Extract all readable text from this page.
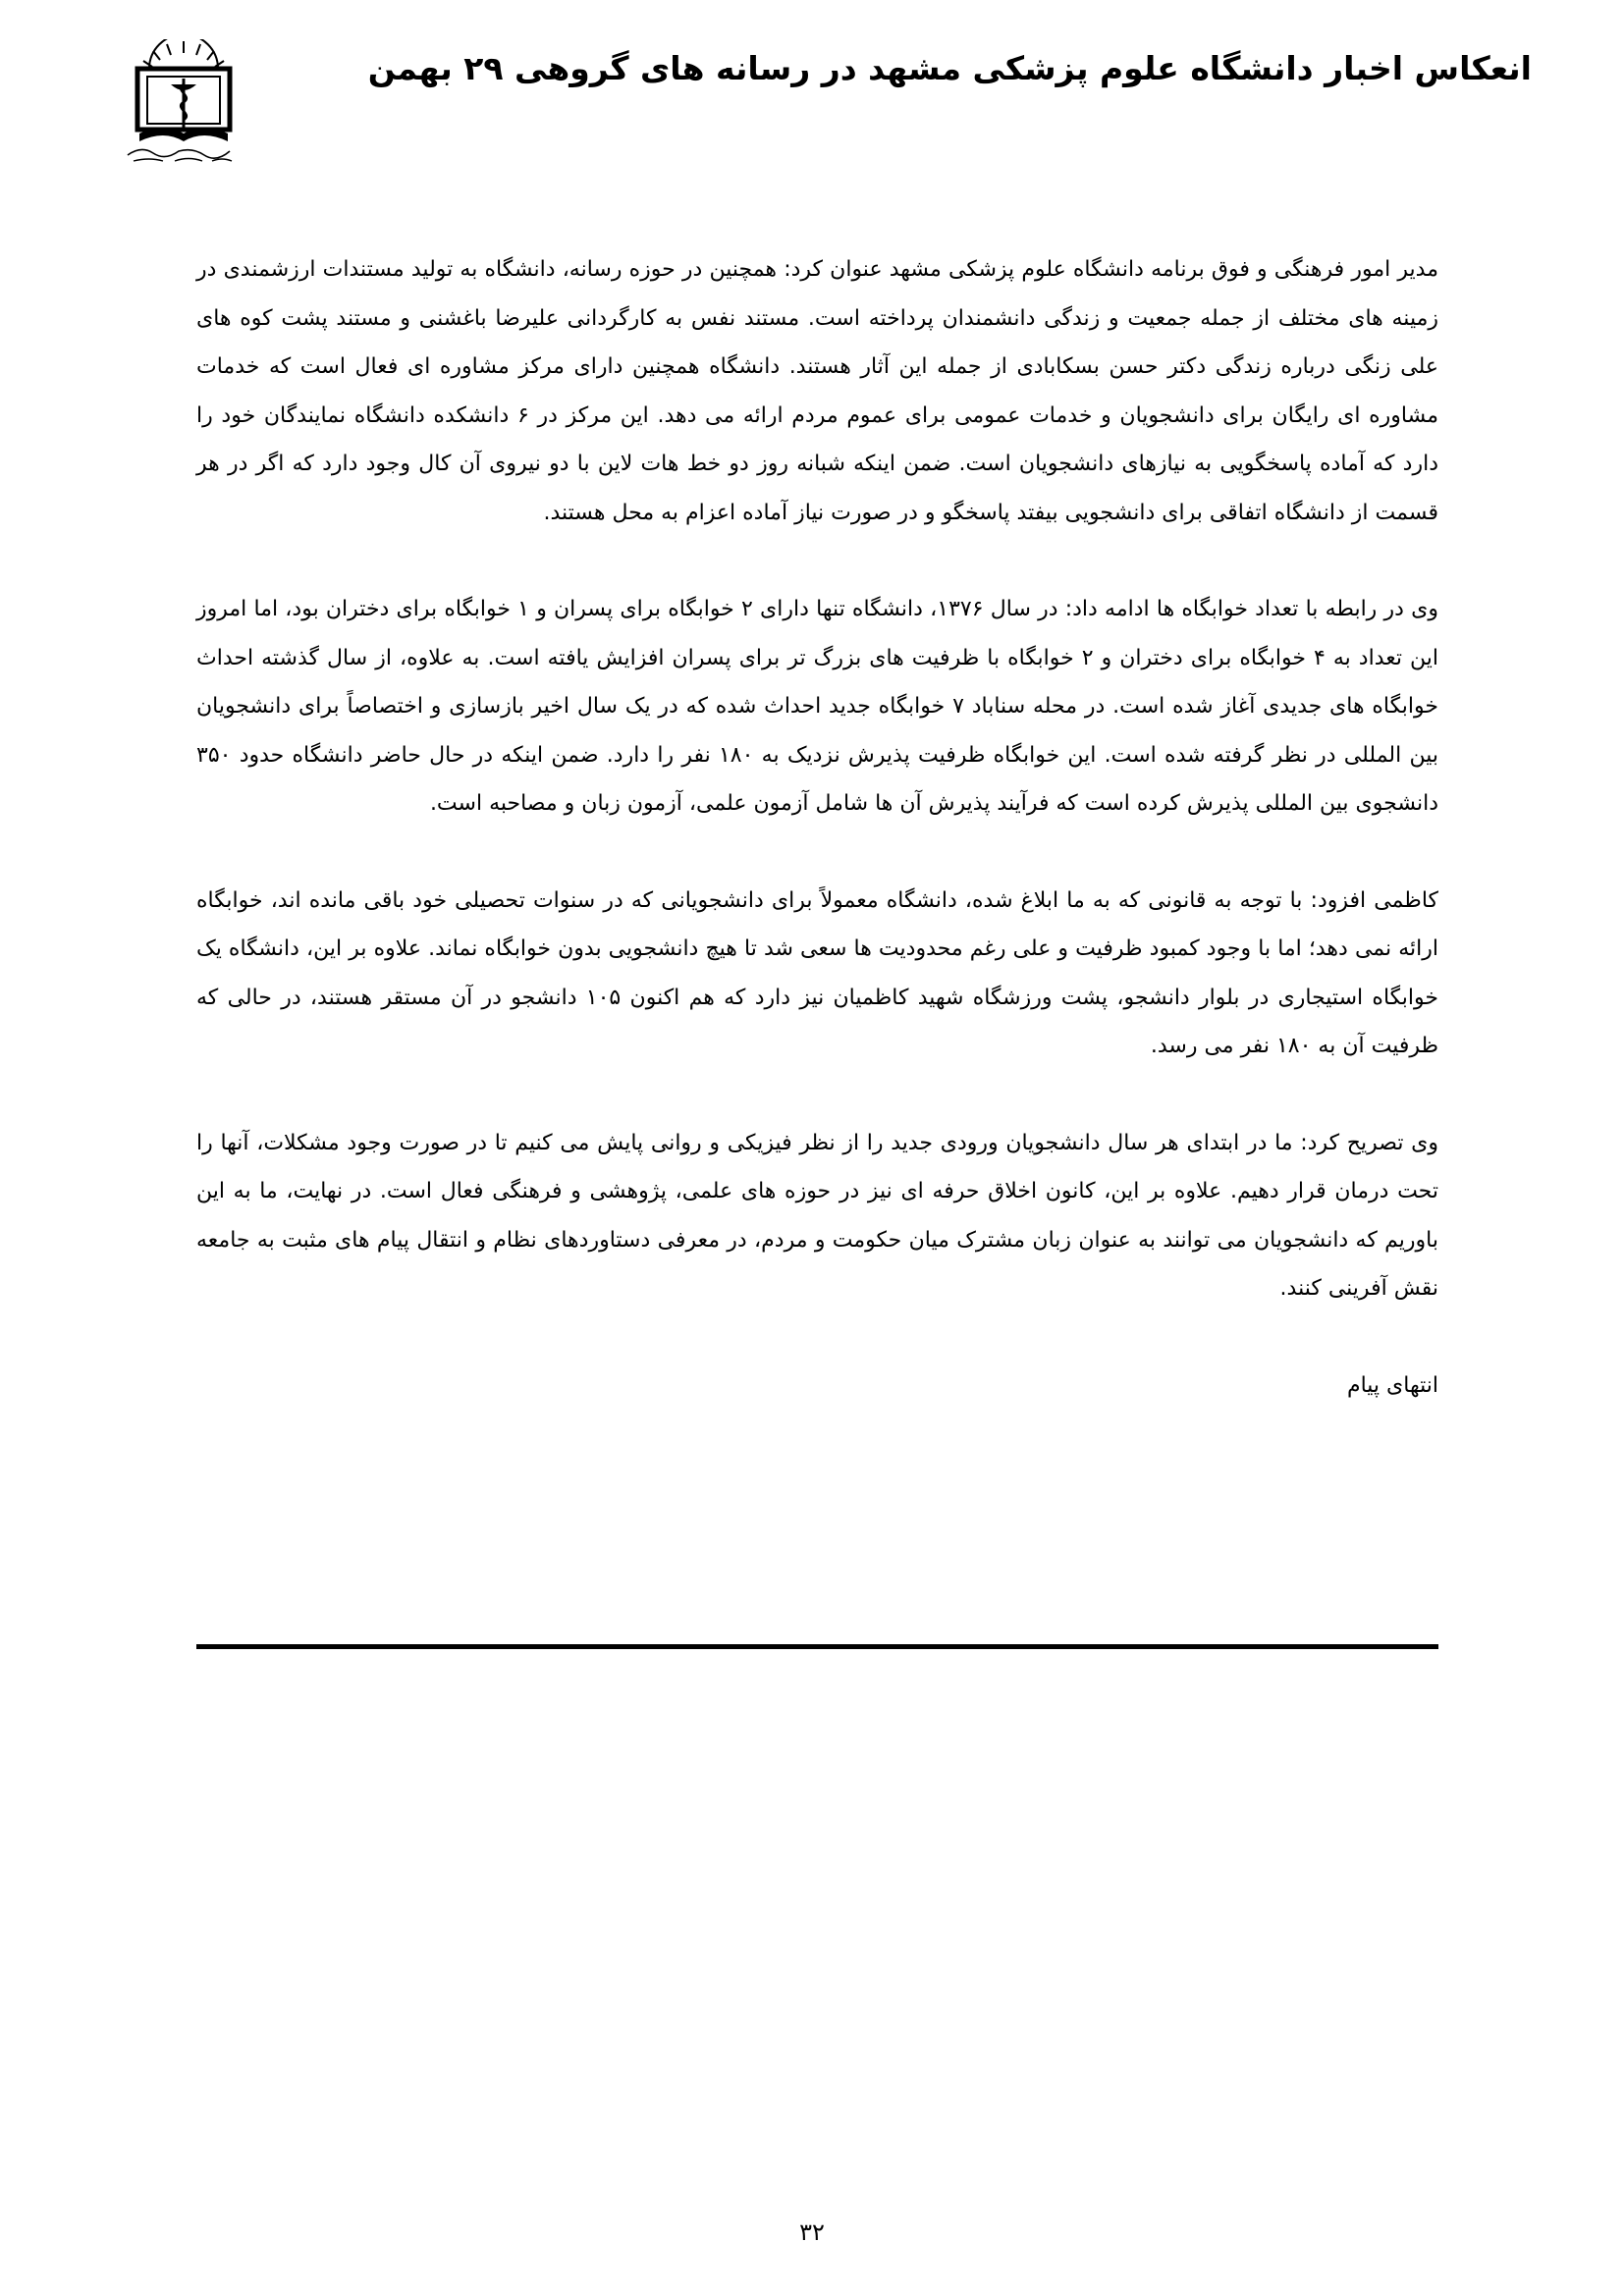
انعکاس اخبار دانشگاه علوم پزشکی مشهد در رسانه های گروهی ۲۹ بهمن

مدیر امور فرهنگی و فوق برنامه دانشگاه علوم پزشکی مشهد عنوان کرد: همچنین در حوزه رسانه، دانشگاه به تولید مستندات ارزشمندی در زمینه های مختلف از جمله جمعیت و زندگی دانشمندان پرداخته است. مستند نفس به کارگردانی علیرضا باغشنی و مستند پشت کوه های علی زنگی درباره زندگی دکتر حسن بسکابادی از جمله این آثار هستند. دانشگاه همچنین دارای مرکز مشاوره ای فعال است که خدمات مشاوره ای رایگان برای دانشجویان و خدمات عمومی برای عموم مردم ارائه می دهد. این مرکز در ۶ دانشکده دانشگاه نمایندگان خود را دارد که آماده پاسخگویی به نیازهای دانشجویان است. ضمن اینکه شبانه روز دو خط هات لاین با دو نیروی آن کال وجود دارد که اگر در هر قسمت از دانشگاه اتفاقی برای دانشجویی بیفتد پاسخگو و در صورت نیاز آماده اعزام به محل هستند.

وی در رابطه با تعداد خوابگاه ها ادامه داد: در سال ۱۳۷۶، دانشگاه تنها دارای ۲ خوابگاه برای پسران و ۱ خوابگاه برای دختران بود، اما امروز این تعداد به ۴ خوابگاه برای دختران و ۲ خوابگاه با ظرفیت های بزرگ تر برای پسران افزایش یافته است. به علاوه، از سال گذشته احداث خوابگاه های جدیدی آغاز شده است. در محله سناباد ۷ خوابگاه جدید احداث شده که در یک سال اخیر بازسازی و اختصاصاً برای دانشجویان بین المللی در نظر گرفته شده است. این خوابگاه ظرفیت پذیرش نزدیک به ۱۸۰ نفر را دارد. ضمن اینکه در حال حاضر دانشگاه حدود ۳۵۰ دانشجوی بین المللی پذیرش کرده است که فرآیند پذیرش آن ها شامل آزمون علمی، آزمون زبان و مصاحبه است.

کاظمی افزود: با توجه به قانونی که به ما ابلاغ شده، دانشگاه معمولاً برای دانشجویانی که در سنوات تحصیلی خود باقی مانده اند، خوابگاه ارائه نمی دهد؛ اما با وجود کمبود ظرفیت و علی رغم محدودیت ها سعی شد تا هیچ دانشجویی بدون خوابگاه نماند. علاوه بر این، دانشگاه یک خوابگاه استیجاری در بلوار دانشجو، پشت ورزشگاه شهید کاظمیان نیز دارد که هم اکنون ۱۰۵ دانشجو در آن مستقر هستند، در حالی که ظرفیت آن به ۱۸۰ نفر می رسد.

وی تصریح کرد: ما در ابتدای هر سال دانشجویان ورودی جدید را از نظر فیزیکی و روانی پایش می کنیم تا در صورت وجود مشکلات، آنها را تحت درمان قرار دهیم. علاوه بر این، کانون اخلاق حرفه ای نیز در حوزه های علمی، پژوهشی و فرهنگی فعال است. در نهایت، ما به این باوریم که دانشجویان می توانند به عنوان زبان مشترک میان حکومت و مردم، در معرفی دستاوردهای نظام و انتقال پیام های مثبت به جامعه نقش آفرینی کنند.

انتهای پیام

۳۲
